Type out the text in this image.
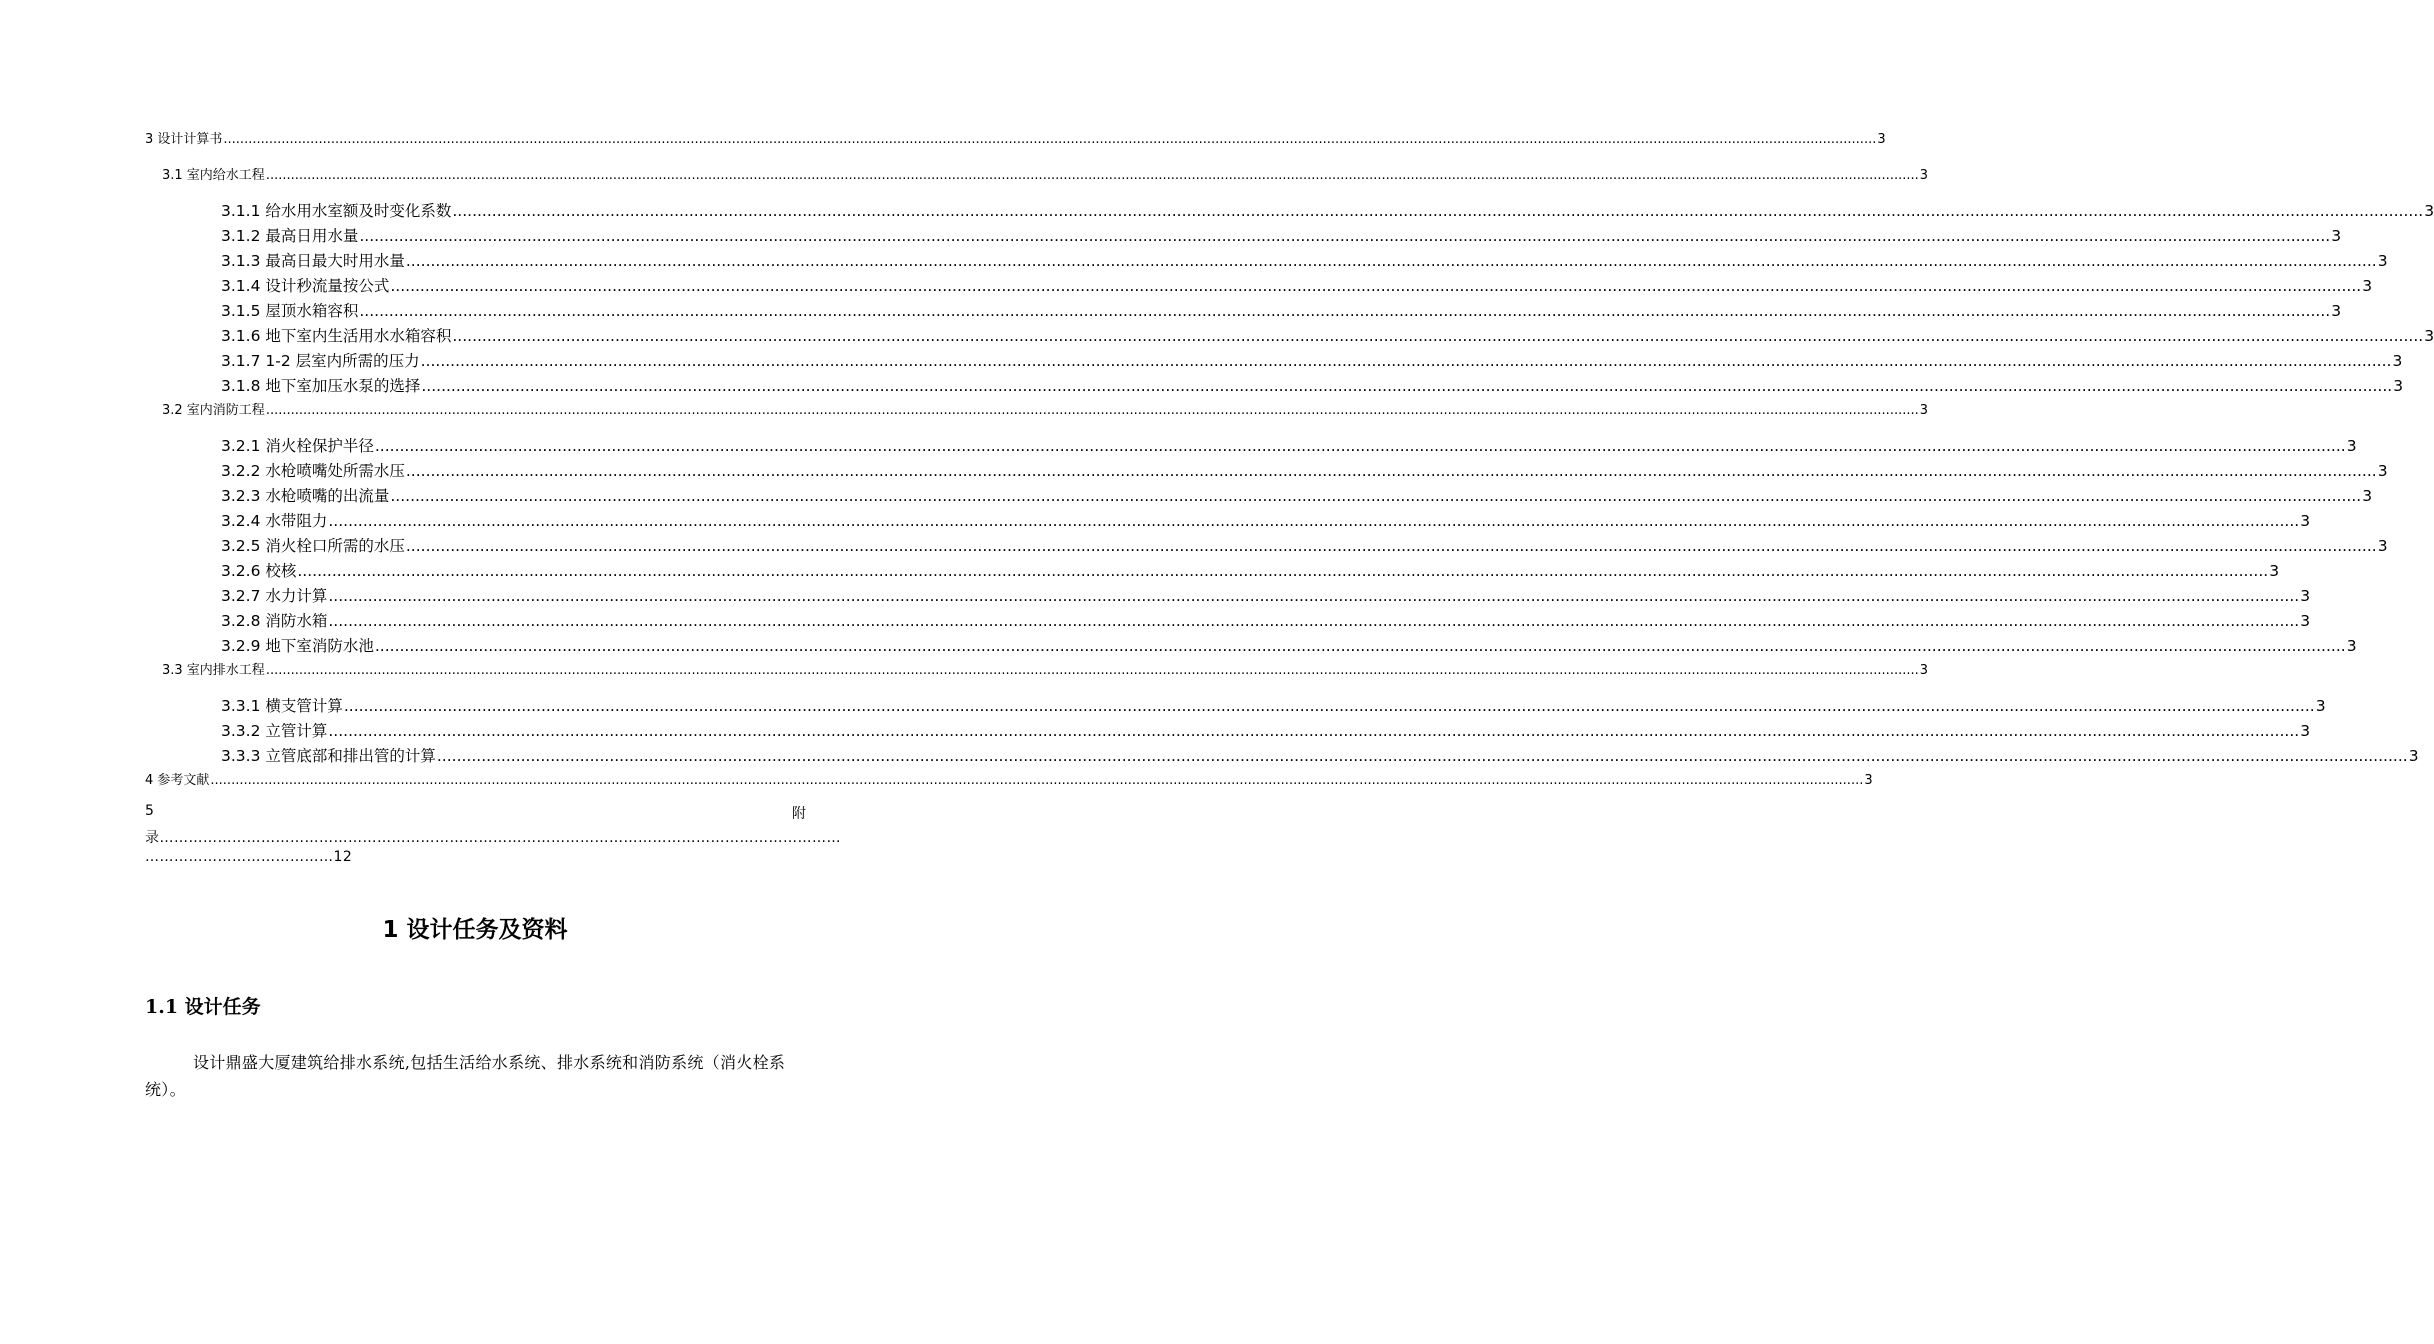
3 设计计算书 ................................................................................................................................................................................................................................................................................................................................................................................................................ 3
3.1 室内给水工程 ................................................................................................................................................................................................................................................................................................................................................................................................................ 3
3.1.1 给水用水室额及时变化系数 ................................................................................................................................................................................................................................................................................................................................................................................................................ 3
3.1.2 最高日用水量 ................................................................................................................................................................................................................................................................................................................................................................................................................ 3
3.1.3 最高日最大时用水量 ................................................................................................................................................................................................................................................................................................................................................................................................................ 3
3.1.4 设计秒流量按公式 ................................................................................................................................................................................................................................................................................................................................................................................................................ 3
3.1.5 屋顶水箱容积 ................................................................................................................................................................................................................................................................................................................................................................................................................ 3
3.1.6 地下室内生活用水水箱容积 ................................................................................................................................................................................................................................................................................................................................................................................................................ 3
3.1.7 1-2 层室内所需的压力 ................................................................................................................................................................................................................................................................................................................................................................................................................ 3
3.1.8 地下室加压水泵的选择 ................................................................................................................................................................................................................................................................................................................................................................................................................ 3
3.2 室内消防工程 ................................................................................................................................................................................................................................................................................................................................................................................................................ 3
3.2.1 消火栓保护半径 ................................................................................................................................................................................................................................................................................................................................................................................................................ 3
3.2.2 水枪喷嘴处所需水压 ................................................................................................................................................................................................................................................................................................................................................................................................................ 3
3.2.3 水枪喷嘴的出流量 ................................................................................................................................................................................................................................................................................................................................................................................................................ 3
3.2.4 水带阻力 ................................................................................................................................................................................................................................................................................................................................................................................................................ 3
3.2.5 消火栓口所需的水压 ................................................................................................................................................................................................................................................................................................................................................................................................................ 3
3.2.6 校核 ................................................................................................................................................................................................................................................................................................................................................................................................................ 3
3.2.7 水力计算 ................................................................................................................................................................................................................................................................................................................................................................................................................ 3
3.2.8 消防水箱 ................................................................................................................................................................................................................................................................................................................................................................................................................ 3
3.2.9 地下室消防水池 ................................................................................................................................................................................................................................................................................................................................................................................................................ 3
3.3 室内排水工程 ................................................................................................................................................................................................................................................................................................................................................................................................................ 3
3.3.1 横支管计算 ................................................................................................................................................................................................................................................................................................................................................................................................................ 3
3.3.2 立管计算 ................................................................................................................................................................................................................................................................................................................................................................................................................ 3
3.3.3 立管底部和排出管的计算 ................................................................................................................................................................................................................................................................................................................................................................................................................ 3
4 参考文献 ................................................................................................................................................................................................................................................................................................................................................................................................................ 3
5	附
录……………………………………………………………………………………………………………………………
…………………………………12
1 设计任务及资料
1.1 设计任务
设计鼎盛大厦建筑给排水系统,包括生活给水系统、排水系统和消防系统（消火栓系统）。
